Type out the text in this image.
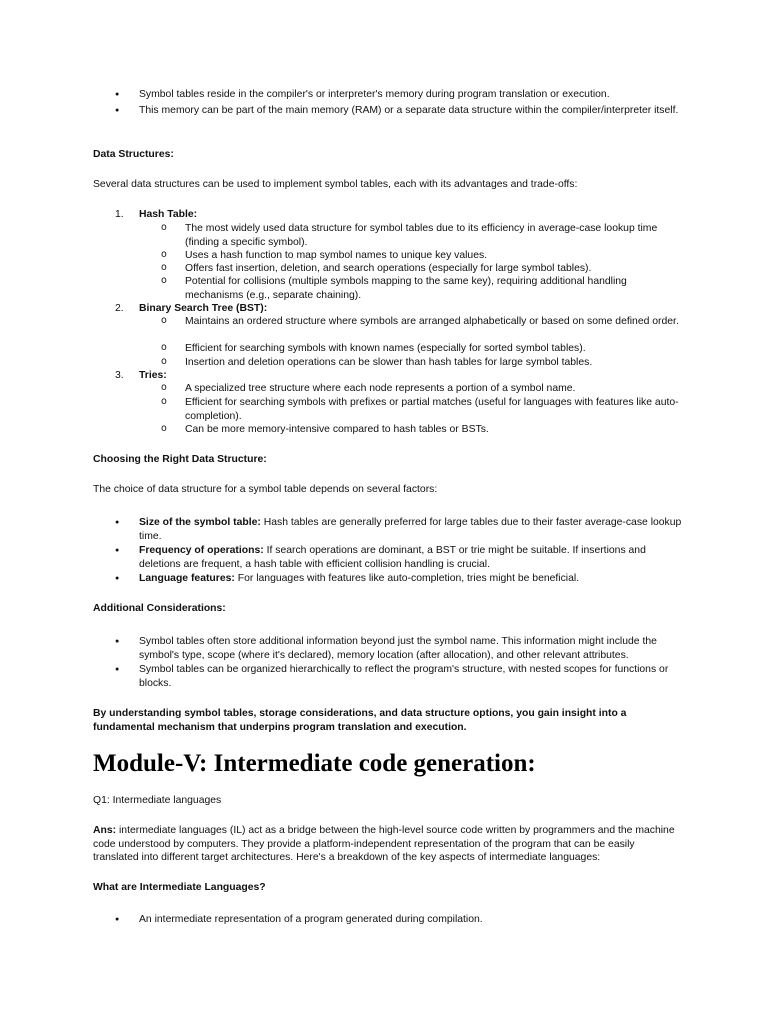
● Symbol tables reside in the compiler's or interpreter's memory during program translation or execution.
● This memory can be part of the main memory (RAM) or a separate data structure within the compiler/interpreter itself.

Data Structures:

Several data structures can be used to implement symbol tables, each with its advantages and trade-offs:

1. Hash Table:
o The most widely used data structure for symbol tables due to its efficiency in average-case lookup time (finding a specific symbol).
o Uses a hash function to map symbol names to unique key values.
o Offers fast insertion, deletion, and search operations (especially for large symbol tables).
o Potential for collisions (multiple symbols mapping to the same key), requiring additional handling mechanisms (e.g., separate chaining).
2. Binary Search Tree (BST):
o Maintains an ordered structure where symbols are arranged alphabetically or based on some defined order.
o Efficient for searching symbols with known names (especially for sorted symbol tables).
o Insertion and deletion operations can be slower than hash tables for large symbol tables.
3. Tries:
o A specialized tree structure where each node represents a portion of a symbol name.
o Efficient for searching symbols with prefixes or partial matches (useful for languages with features like auto-completion).
o Can be more memory-intensive compared to hash tables or BSTs.

Choosing the Right Data Structure:

The choice of data structure for a symbol table depends on several factors:

● Size of the symbol table: Hash tables are generally preferred for large tables due to their faster average-case lookup time.
● Frequency of operations: If search operations are dominant, a BST or trie might be suitable. If insertions and deletions are frequent, a hash table with efficient collision handling is crucial.
● Language features: For languages with features like auto-completion, tries might be beneficial.

Additional Considerations:

● Symbol tables often store additional information beyond just the symbol name. This information might include the symbol's type, scope (where it's declared), memory location (after allocation), and other relevant attributes.
● Symbol tables can be organized hierarchically to reflect the program's structure, with nested scopes for functions or blocks.

By understanding symbol tables, storage considerations, and data structure options, you gain insight into a fundamental mechanism that underpins program translation and execution.

Module-V: Intermediate code generation:

Q1: Intermediate languages

Ans: intermediate languages (IL) act as a bridge between the high-level source code written by programmers and the machine code understood by computers. They provide a platform-independent representation of the program that can be easily translated into different target architectures. Here's a breakdown of the key aspects of intermediate languages:

What are Intermediate Languages?

● An intermediate representation of a program generated during compilation.
